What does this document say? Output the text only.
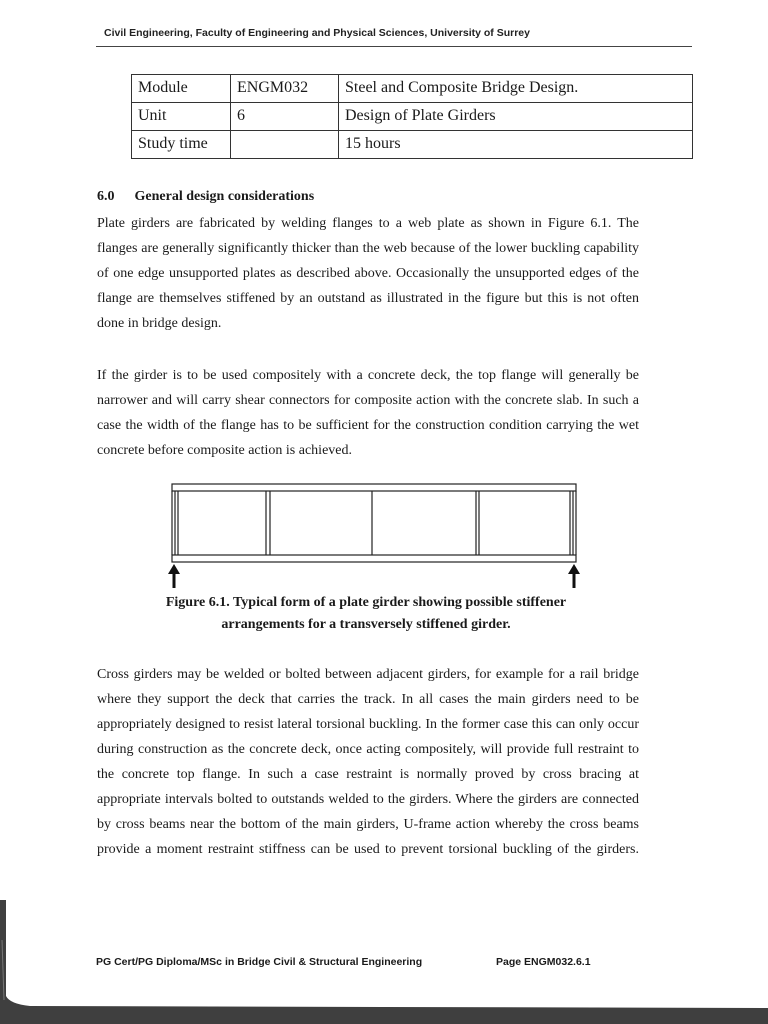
Civil Engineering, Faculty of Engineering and Physical Sciences, University of Surrey
Module	ENGM032	Steel and Composite Bridge Design.
Unit	6	Design of Plate Girders
Study time		15 hours
6.0 General design considerations
Plate girders are fabricated by welding flanges to a web plate as shown in Figure 6.1. The flanges are generally significantly thicker than the web because of the lower buckling capability of one edge unsupported plates as described above. Occasionally the unsupported edges of the flange are themselves stiffened by an outstand as illustrated in the figure but this is not often done in bridge design.
If the girder is to be used compositely with a concrete deck, the top flange will generally be narrower and will carry shear connectors for composite action with the concrete slab. In such a case the width of the flange has to be sufficient for the construction condition carrying the wet concrete before composite action is achieved.
Figure 6.1. Typical form of a plate girder showing possible stiffener
arrangements for a transversely stiffened girder.
Cross girders may be welded or bolted between adjacent girders, for example for a rail bridge where they support the deck that carries the track. In all cases the main girders need to be appropriately designed to resist lateral torsional buckling. In the former case this can only occur during construction as the concrete deck, once acting compositely, will provide full restraint to the concrete top flange. In such a case restraint is normally proved by cross bracing at appropriate intervals bolted to outstands welded to the girders. Where the girders are connected by cross beams near the bottom of the main girders, U-frame action whereby the cross beams provide a moment restraint stiffness can be used to prevent torsional buckling of the girders.
PG Cert/PG Diploma/MSc in Bridge Civil & Structural Engineering	Page ENGM032.6.1
